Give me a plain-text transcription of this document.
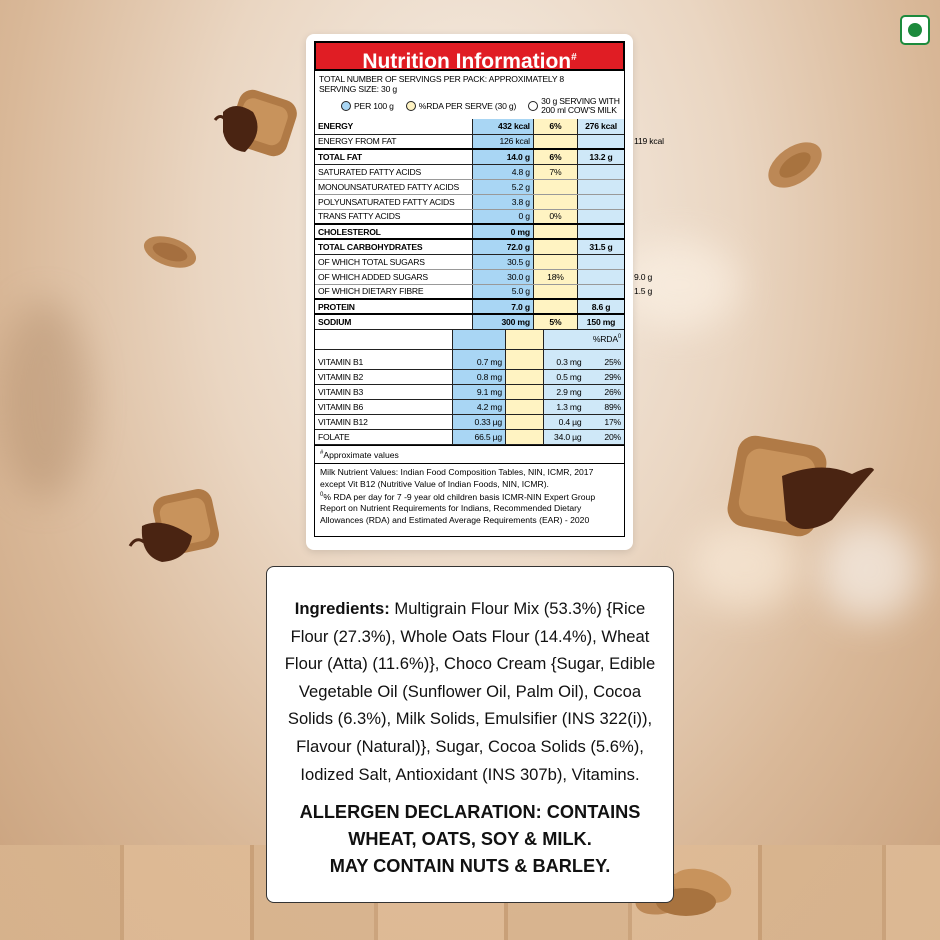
Nutrition Information#
TOTAL NUMBER OF SERVINGS PER PACK: APPROXIMATELY 8
SERVING SIZE: 30 g
PER 100 g	%RDA PER SERVE (30 g)	30 g SERVING WITH
200 ml COW'S MILK
ENERGY	432 kcal	6%	276 kcal
ENERGY FROM FAT	126 kcal		119 kcal
TOTAL FAT	14.0 g	6%	13.2 g
SATURATED FATTY ACIDS	4.8 g	7%	
MONOUNSATURATED FATTY ACIDS	5.2 g		
POLYUNSATURATED FATTY ACIDS	3.8 g		
TRANS FATTY ACIDS	0 g	0%	
CHOLESTEROL	0 mg		
TOTAL CARBOHYDRATES	72.0 g		31.5 g
OF WHICH TOTAL SUGARS	30.5 g		
OF WHICH ADDED SUGARS	30.0 g	18%	9.0 g
OF WHICH DIETARY FIBRE	5.0 g		1.5 g
PROTEIN	7.0 g		8.6 g
SODIUM	300 mg	5%	150 mg
				%RDA$^0$

VITAMIN B1	0.7 mg		0.3 mg	25%
VITAMIN B2	0.8 mg		0.5 mg	29%
VITAMIN B3	9.1 mg		2.9 mg	26%
VITAMIN B6	4.2 mg		1.3 mg	89%
VITAMIN B12	0.33 µg		0.4 µg	17%
FOLATE	66.5 µg		34.0 µg	20%
#Approximate values
Milk Nutrient Values: Indian Food Composition Tables, NIN, ICMR, 2017 except Vit B12 (Nutritive Value of Indian Foods, NIN, ICMR).
$^0$% RDA per day for 7 -9 year old children basis ICMR-NIN Expert Group Report on Nutrient Requirements for Indians, Recommended Dietary Allowances (RDA) and Estimated Average Requirements (EAR) - 2020
Ingredients: Multigrain Flour Mix (53.3%) {Rice Flour (27.3%), Whole Oats Flour (14.4%), Wheat Flour (Atta) (11.6%)}, Choco Cream {Sugar, Edible Vegetable Oil (Sunflower Oil, Palm Oil), Cocoa Solids (6.3%), Milk Solids, Emulsifier (INS 322(i)), Flavour (Natural)}, Sugar, Cocoa Solids (5.6%), Iodized Salt, Antioxidant (INS 307b), Vitamins.
ALLERGEN DECLARATION: CONTAINS
WHEAT, OATS, SOY & MILK.
MAY CONTAIN NUTS & BARLEY.
